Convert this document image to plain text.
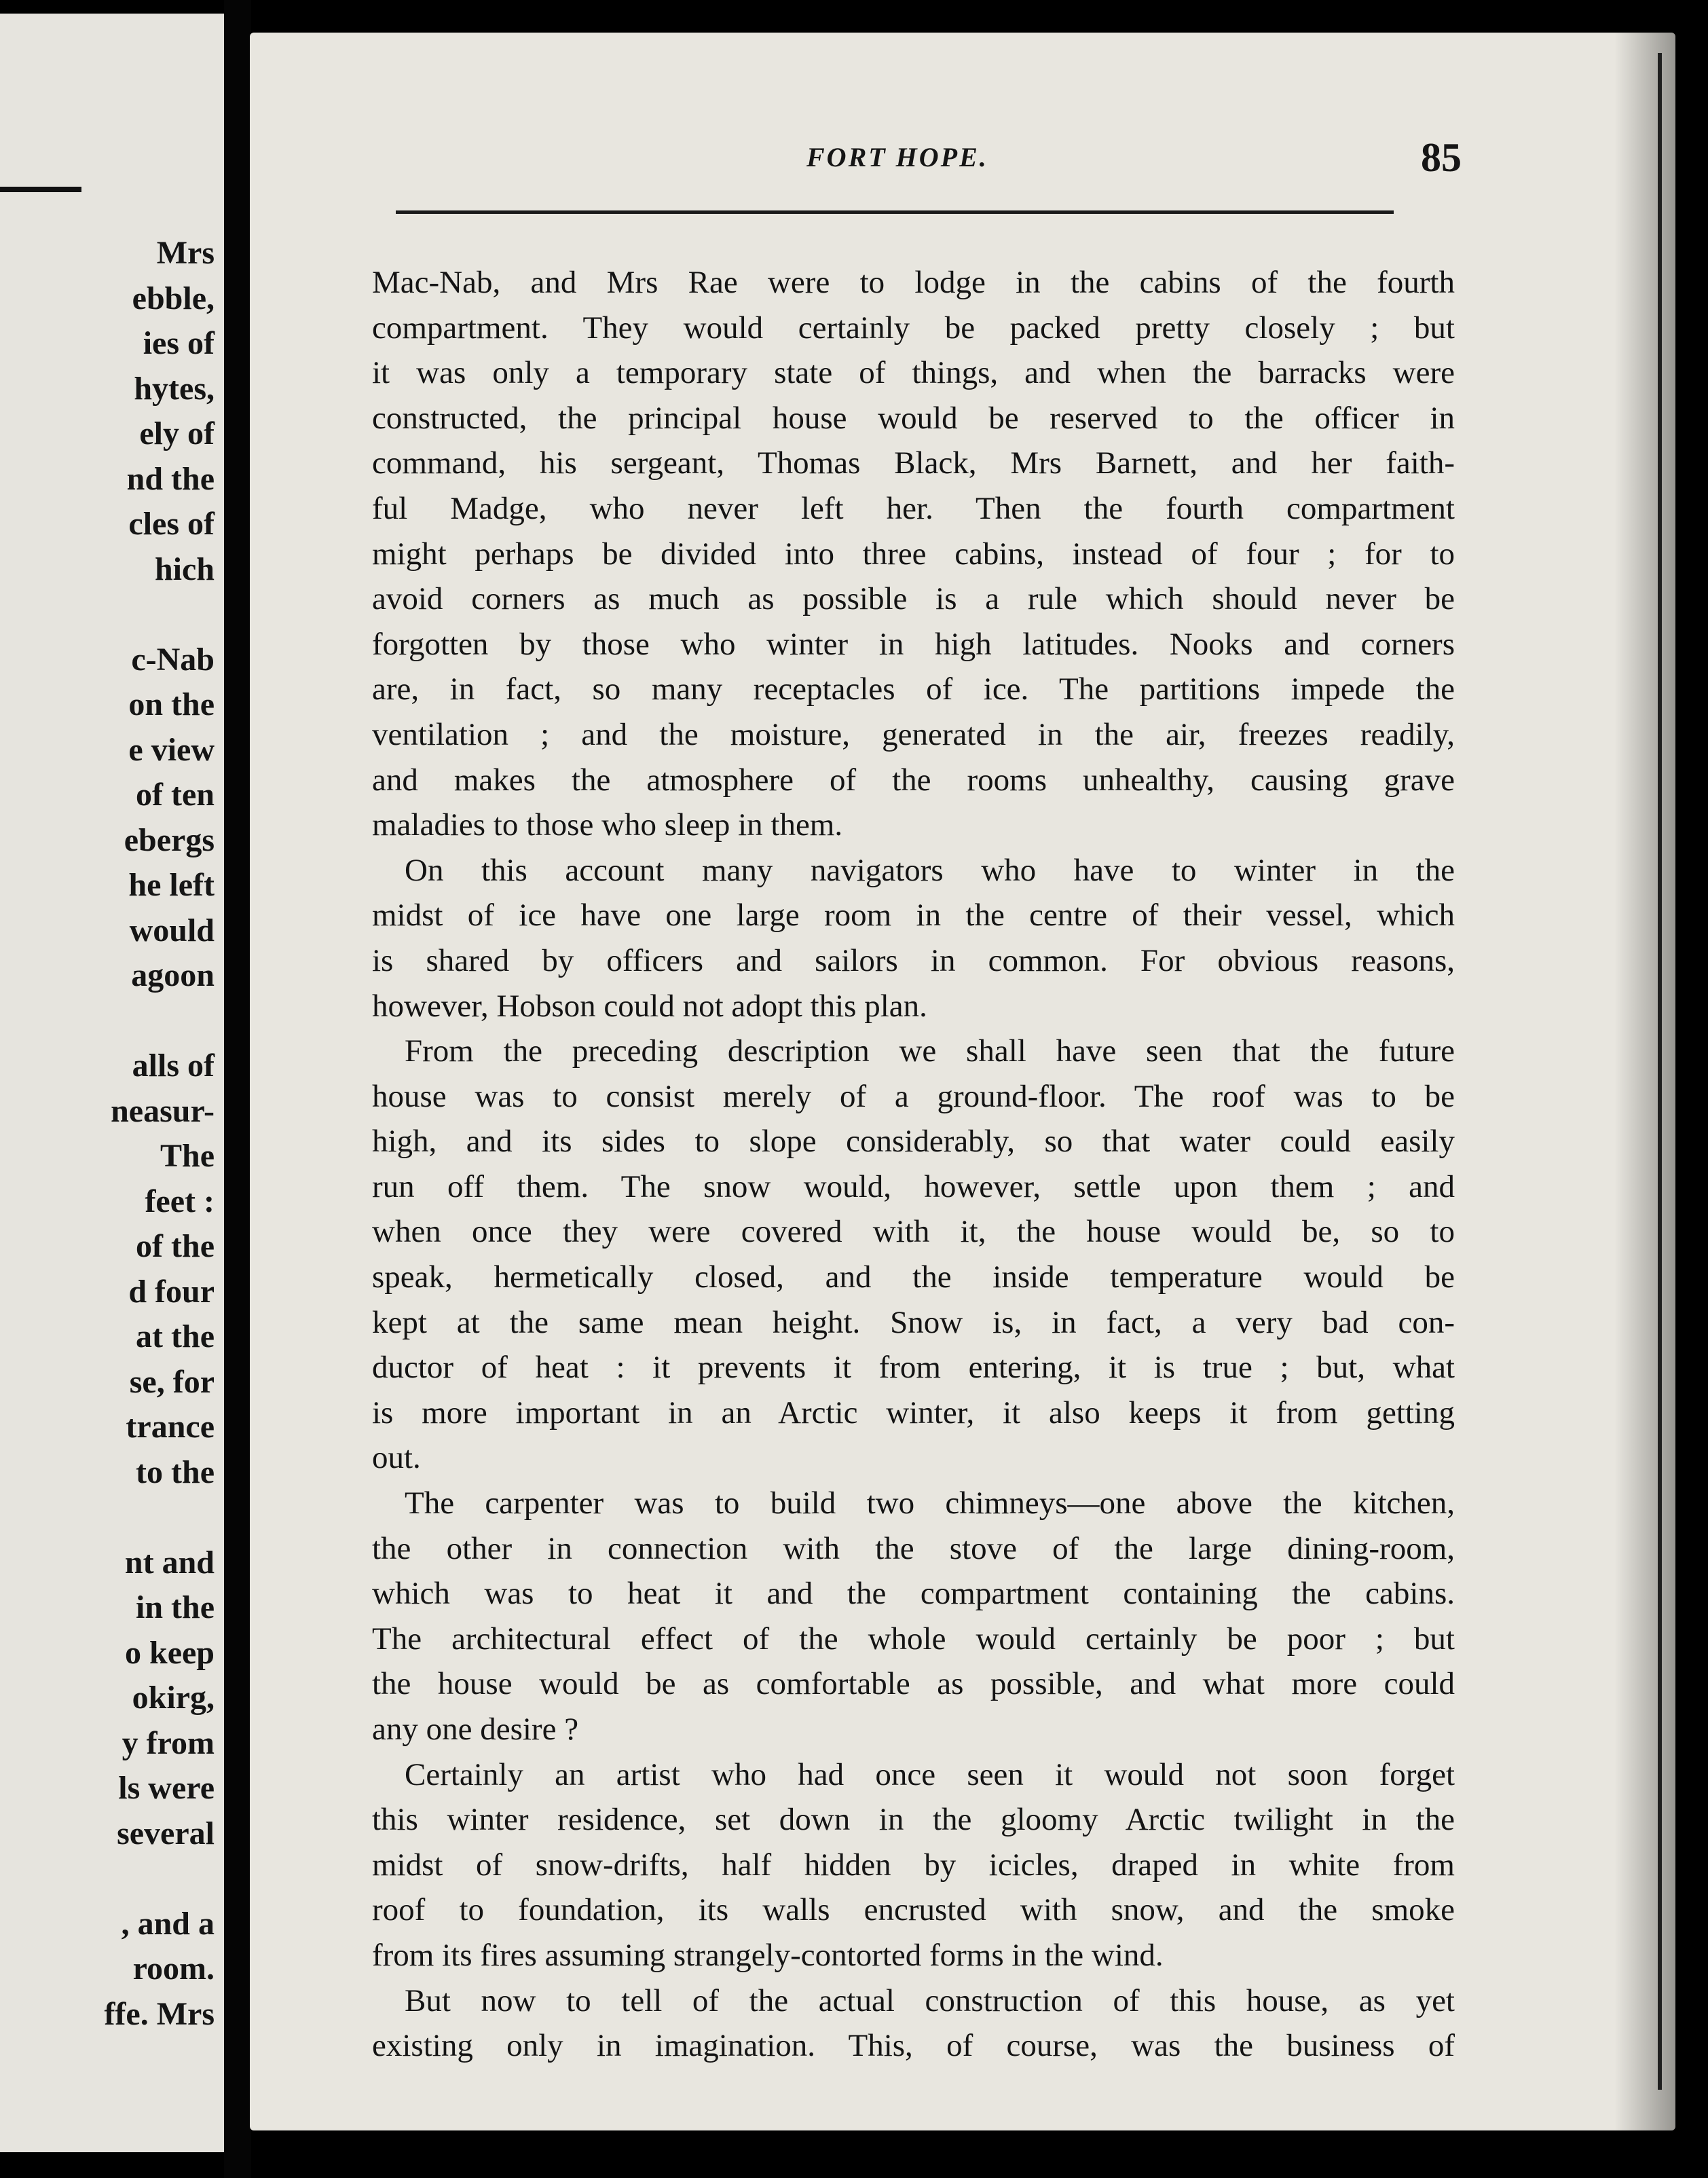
Mrs
ebble,
ies of
hytes,
ely of
nd the
cles of
hich
c-Nab
on the
e view
of ten
ebergs
he left
would
agoon
alls of
neasur-
The
feet :
of the
d four
at the
se, for
trance
to the
nt and
in the
o keep
okirg,
y from
ls were
several
, and a
room.
ffe. Mrs
FORT HOPE.	85
Mac-Nab, and Mrs Rae were to lodge in the cabins of the fourth
compartment. They would certainly be packed pretty closely ; but
it was only a temporary state of things, and when the barracks were
constructed, the principal house would be reserved to the officer in
command, his sergeant, Thomas Black, Mrs Barnett, and her faith-
ful Madge, who never left her. Then the fourth compartment
might perhaps be divided into three cabins, instead of four ; for to
avoid corners as much as possible is a rule which should never be
forgotten by those who winter in high latitudes. Nooks and corners
are, in fact, so many receptacles of ice. The partitions impede the
ventilation ; and the moisture, generated in the air, freezes readily,
and makes the atmosphere of the rooms unhealthy, causing grave
maladies to those who sleep in them.
On this account many navigators who have to winter in the
midst of ice have one large room in the centre of their vessel, which
is shared by officers and sailors in common. For obvious reasons,
however, Hobson could not adopt this plan.
From the preceding description we shall have seen that the future
house was to consist merely of a ground-floor. The roof was to be
high, and its sides to slope considerably, so that water could easily
run off them. The snow would, however, settle upon them ; and
when once they were covered with it, the house would be, so to
speak, hermetically closed, and the inside temperature would be
kept at the same mean height. Snow is, in fact, a very bad con-
ductor of heat : it prevents it from entering, it is true ; but, what
is more important in an Arctic winter, it also keeps it from getting
out.
The carpenter was to build two chimneys—one above the kitchen,
the other in connection with the stove of the large dining-room,
which was to heat it and the compartment containing the cabins.
The architectural effect of the whole would certainly be poor ; but
the house would be as comfortable as possible, and what more could
any one desire ?
Certainly an artist who had once seen it would not soon forget
this winter residence, set down in the gloomy Arctic twilight in the
midst of snow-drifts, half hidden by icicles, draped in white from
roof to foundation, its walls encrusted with snow, and the smoke
from its fires assuming strangely-contorted forms in the wind.
But now to tell of the actual construction of this house, as yet
existing only in imagination. This, of course, was the business of
